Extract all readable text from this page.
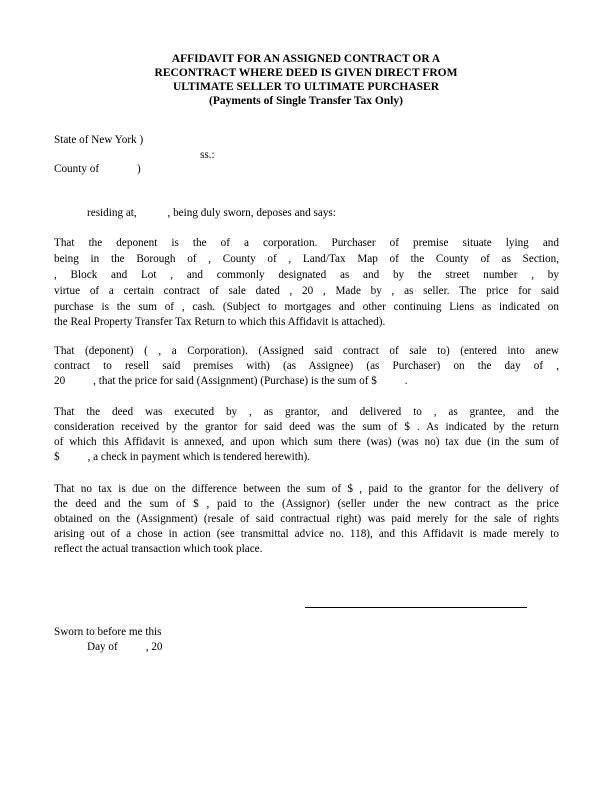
AFFIDAVIT FOR AN ASSIGNED CONTRACT OR A
RECONTRACT WHERE DEED IS GIVEN DIRECT FROM
ULTIMATE SELLER TO ULTIMATE PURCHASER
(Payments of Single Transfer Tax Only)
State of New York )
ss.:
County of	)
residing at,           , being duly sworn, deposes and says:
That the deponent is the of a corporation. Purchaser of premise situate lying and
being in the Borough of , County of , Land/Tax Map of the County of as Section,
, Block and Lot , and commonly designated as and by the street number , by
virtue of a certain contract of sale dated , 20 , Made by , as seller. The price for said
purchase is the sum of , cash. (Subject to mortgages and other continuing Liens as indicated on
the Real Property Transfer Tax Return to which this Affidavit is attached).
That (deponent) ( , a Corporation). (Assigned said contract of sale to) (entered into anew
contract to resell said premises with) (as Assignee) (as Purchaser) on the day of ,
20          , that the price for said (Assignment) (Purchase) is the sum of $          .
That the deed was executed by , as grantor, and delivered to , as grantee, and the
consideration received by the grantor for said deed was the sum of $ . As indicated by the return
of which this Affidavit is annexed, and upon which sum there (was) (was no) tax due (in the sum of
$          , a check in payment which is tendered herewith).
That no tax is due on the difference between the sum of $ , paid to the grantor for the delivery of
the deed and the sum of $ , paid to the (Assignor) (seller under the new contract as the price
obtained on the (Assignment) (resale of said contractual right) was paid merely for the sale of rights
arising out of a chose in action (see transmittal advice no. 118), and this Affidavit is made merely to
reflect the actual transaction which took place.
Sworn to before me this
Day of          , 20
